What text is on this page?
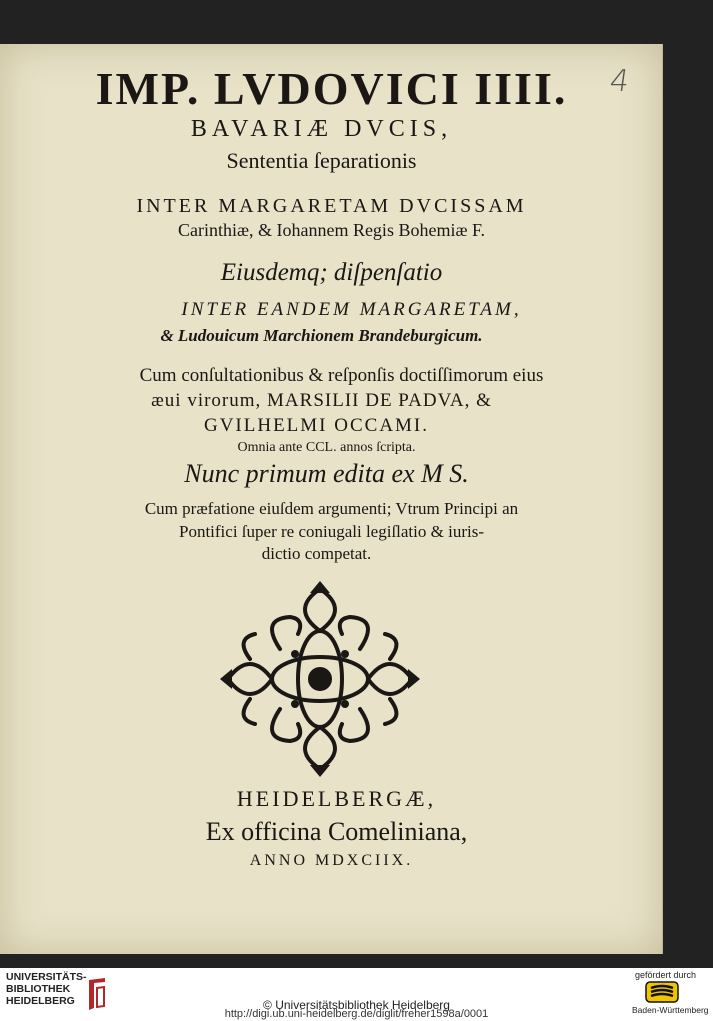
4
IMP. LVDOVICI IIII.
BAVARIÆ DVCIS,
Sententia ſeparationis
INTER MARGARETAM DVCISSAM
Carinthiæ, & Iohannem Regis Bohemiæ F.
Eiusdemq; diſpenſatio
INTER EANDEM MARGARETAM,
& Ludouicum Marchionem Brandeburgicum.
Cum conſultationibus & reſponſis doctiſſimorum eius
æui virorum, MARSILII DE PADVA, &
GVILHELMI OCCAMI.
Omnia ante CCL. annos ſcripta.
Nunc primum edita ex M S.
Cum præfatione eiuſdem argumenti; Vtrum Principi an
Pontifici ſuper re coniugali legiſlatio & iuris-
dictio competat.
HEIDELBERGÆ,
Ex officina Comeliniana,
ANNO MDXCIIX.
UNIVERSITÄTS-
BIBLIOTHEK
HEIDELBERG	© Universitätsbibliothek Heidelberg
http://digi.ub.uni-heidelberg.de/diglit/freher1598a/0001
gefördert durch
Baden-Württemberg
